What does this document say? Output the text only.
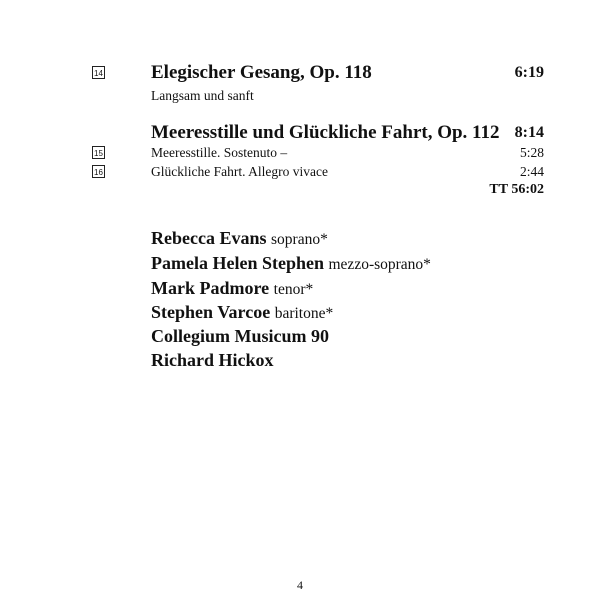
14	Elegischer Gesang, Op. 118	6:19
Langsam und sanft
Meeresstille und Glückliche Fahrt, Op. 112 8:14
15	Meeresstille. Sostenuto –	5:28
16	Glückliche Fahrt. Allegro vivace	2:44
TT 56:02
Rebecca Evans soprano*
Pamela Helen Stephen mezzo-soprano*
Mark Padmore tenor*
Stephen Varcoe baritone*
Collegium Musicum 90
Richard Hickox
4
